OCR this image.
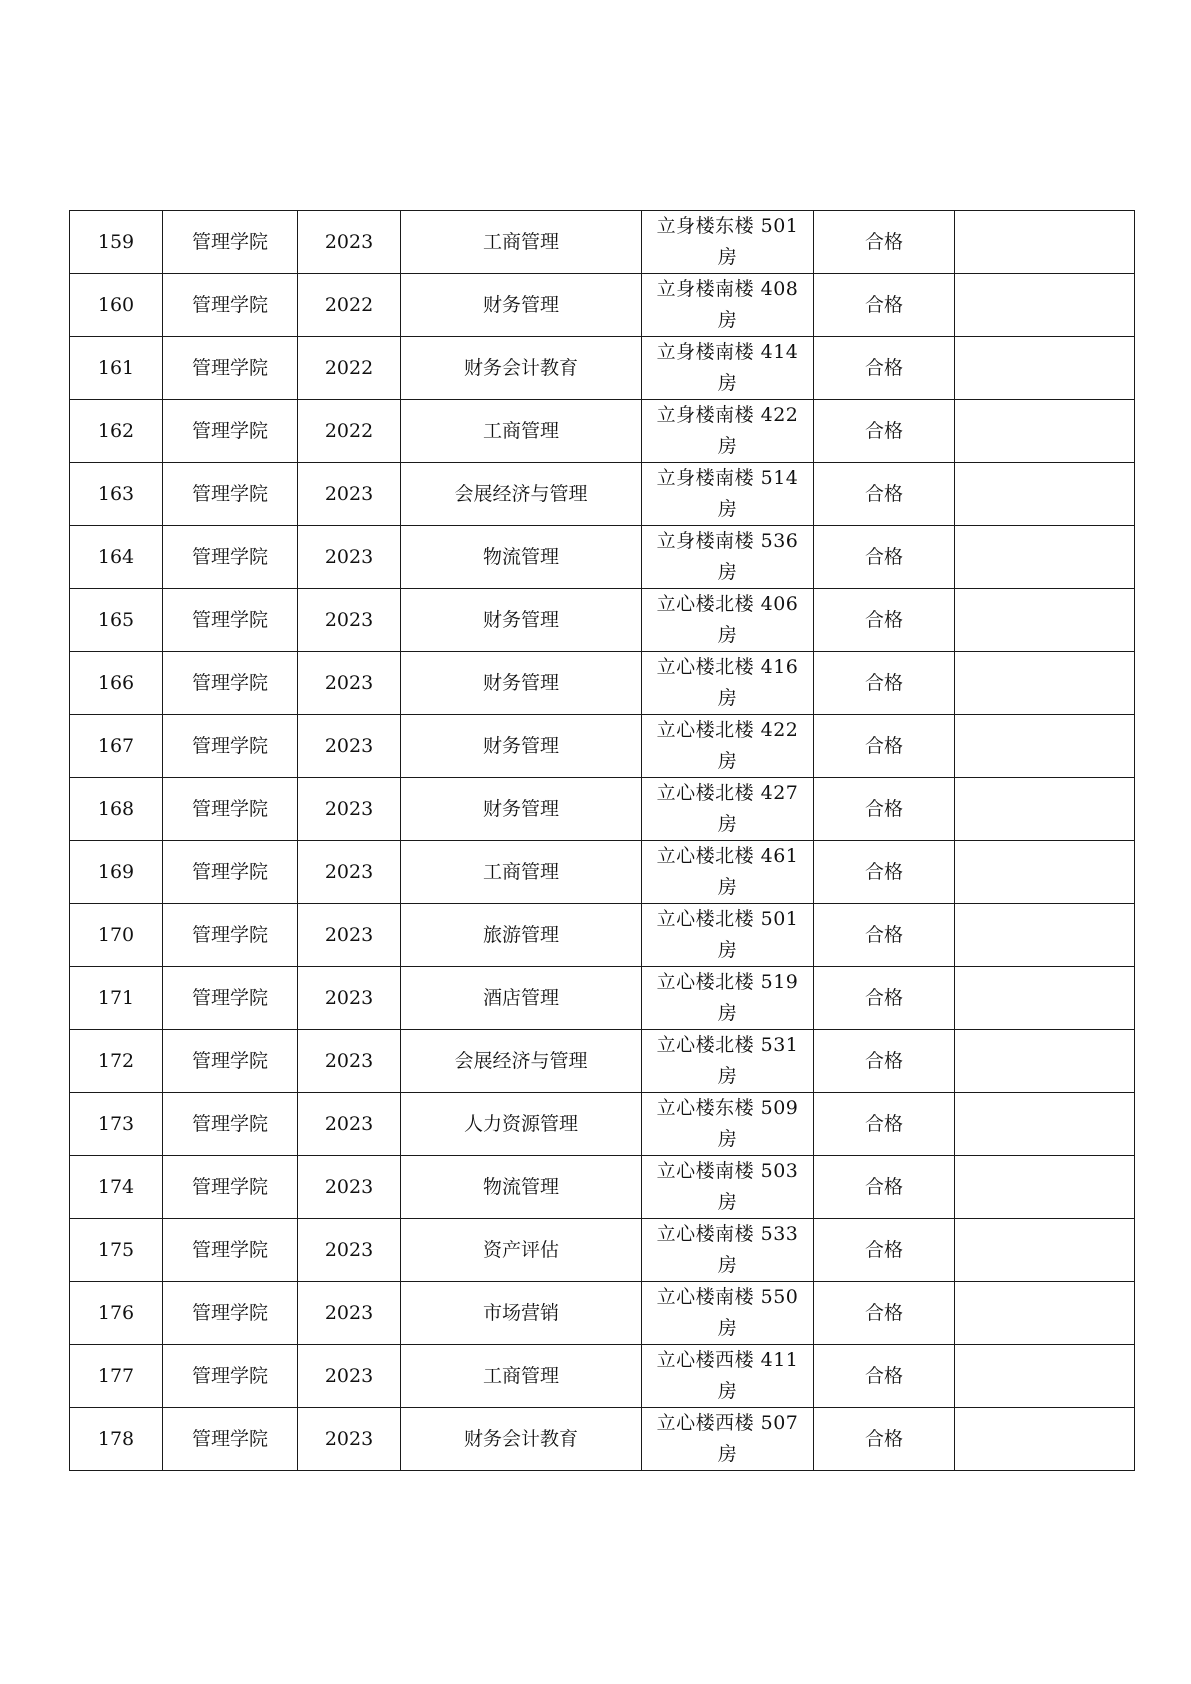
159	管理学院	2023	工商管理	立身楼东楼 501 房	合格	
160	管理学院	2022	财务管理	立身楼南楼 408 房	合格	
161	管理学院	2022	财务会计教育	立身楼南楼 414 房	合格	
162	管理学院	2022	工商管理	立身楼南楼 422 房	合格	
163	管理学院	2023	会展经济与管理	立身楼南楼 514 房	合格	
164	管理学院	2023	物流管理	立身楼南楼 536 房	合格	
165	管理学院	2023	财务管理	立心楼北楼 406 房	合格	
166	管理学院	2023	财务管理	立心楼北楼 416 房	合格	
167	管理学院	2023	财务管理	立心楼北楼 422 房	合格	
168	管理学院	2023	财务管理	立心楼北楼 427 房	合格	
169	管理学院	2023	工商管理	立心楼北楼 461 房	合格	
170	管理学院	2023	旅游管理	立心楼北楼 501 房	合格	
171	管理学院	2023	酒店管理	立心楼北楼 519 房	合格	
172	管理学院	2023	会展经济与管理	立心楼北楼 531 房	合格	
173	管理学院	2023	人力资源管理	立心楼东楼 509 房	合格	
174	管理学院	2023	物流管理	立心楼南楼 503 房	合格	
175	管理学院	2023	资产评估	立心楼南楼 533 房	合格	
176	管理学院	2023	市场营销	立心楼南楼 550 房	合格	
177	管理学院	2023	工商管理	立心楼西楼 411 房	合格	
178	管理学院	2023	财务会计教育	立心楼西楼 507 房	合格	
